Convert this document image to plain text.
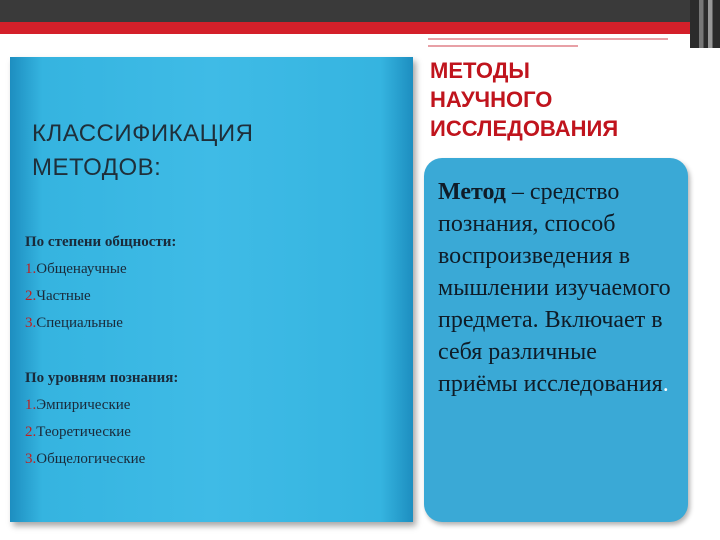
КЛАССИФИКАЦИЯ
МЕТОДОВ:
По степени общности:
1.Общенаучные
2.Частные
3.Специальные
По уровням познания:
1.Эмпирические
2.Теоретические
3.Общелогические
МЕТОДЫ
НАУЧНОГО
ИССЛЕДОВАНИЯ
Метод – средство познания, способ воспроизведения в мышлении изучаемого предмета. Включает в себя различные приёмы исследования.
